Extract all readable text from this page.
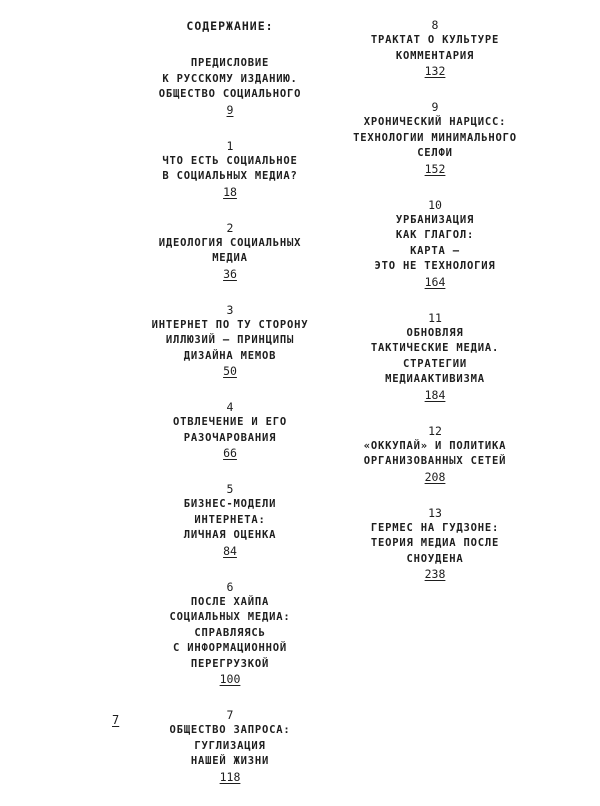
СОДЕРЖАНИЕ:
ПРЕДИСЛОВИЕ
К РУССКОМУ ИЗДАНИЮ.
ОБЩЕСТВО СОЦИАЛЬНОГО
9
1
ЧТО ЕСТЬ СОЦИАЛЬНОЕ
В СОЦИАЛЬНЫХ МЕДИА?
18
2
ИДЕОЛОГИЯ СОЦИАЛЬНЫХ
МЕДИА
36
3
ИНТЕРНЕТ ПО ТУ СТОРОНУ
ИЛЛЮЗИЙ — ПРИНЦИПЫ
ДИЗАЙНА МЕМОВ
50
4
ОТВЛЕЧЕНИЕ И ЕГО
РАЗОЧАРОВАНИЯ
66
5
БИЗНЕС-МОДЕЛИ
ИНТЕРНЕТА:
ЛИЧНАЯ ОЦЕНКА
84
6
ПОСЛЕ ХАЙПА
СОЦИАЛЬНЫХ МЕДИА:
СПРАВЛЯЯСЬ
С ИНФОРМАЦИОННОЙ
ПЕРЕГРУЗКОЙ
100
7
ОБЩЕСТВО ЗАПРОСА:
ГУГЛИЗАЦИЯ
НАШЕЙ ЖИЗНИ
118
8
ТРАКТАТ О КУЛЬТУРЕ
КОММЕНТАРИЯ
132
9
ХРОНИЧЕСКИЙ НАРЦИСС:
ТЕХНОЛОГИИ МИНИМАЛЬНОГО
СЕЛФИ
152
10
УРБАНИЗАЦИЯ
КАК ГЛАГОЛ:
КАРТА —
ЭТО НЕ ТЕХНОЛОГИЯ
164
11
ОБНОВЛЯЯ
ТАКТИЧЕСКИЕ МЕДИА.
СТРАТЕГИИ
МЕДИААКТИВИЗМА
184
12
«ОККУПАЙ» И ПОЛИТИКА
ОРГАНИЗОВАННЫХ СЕТЕЙ
208
13
ГЕРМЕС НА ГУДЗОНЕ:
ТЕОРИЯ МЕДИА ПОСЛЕ
СНОУДЕНА
238
7
